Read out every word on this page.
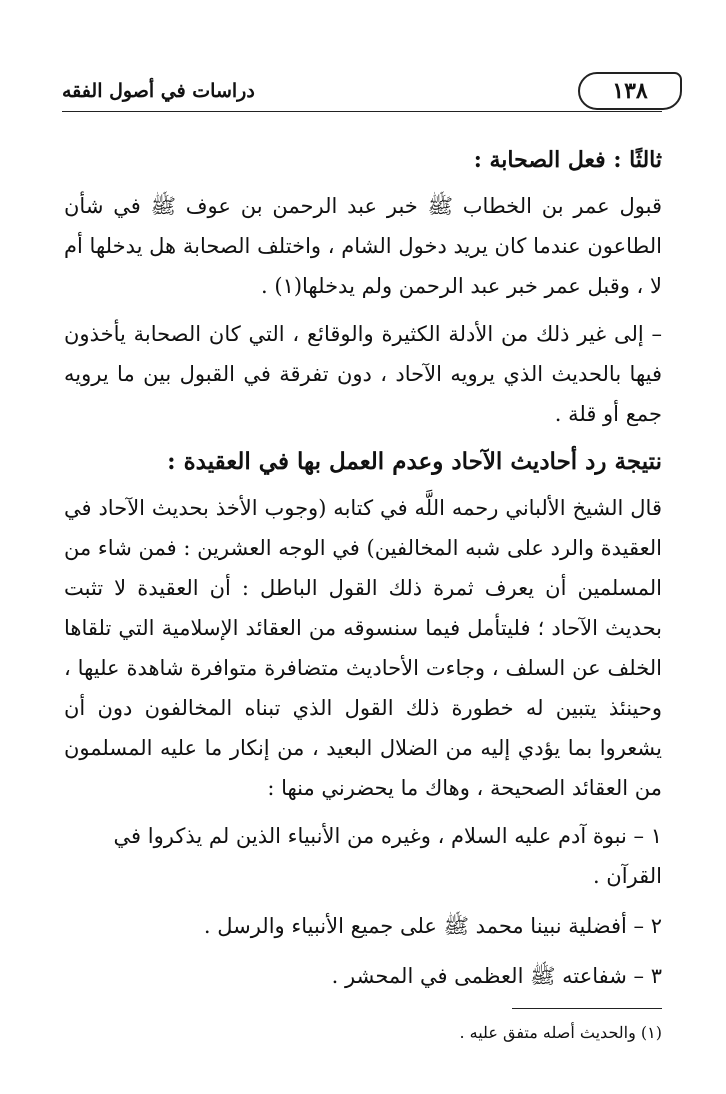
١٣٨
دراسات في أصول الفقه
ثالثًا : فعل الصحابة :

قبول عمر بن الخطاب ﷺ خبر عبد الرحمن بن عوف ﷺ في شأن الطاعون عندما كان يريد دخول الشام ، واختلف الصحابة هل يدخلها أم لا ، وقبل عمر خبر عبد الرحمن ولم يدخلها(١) .

– إلى غير ذلك من الأدلة الكثيرة والوقائع ، التي كان الصحابة يأخذون فيها بالحديث الذي يرويه الآحاد ، دون تفرقة في القبول بين ما يرويه جمع أو قلة .

نتيجة رد أحاديث الآحاد وعدم العمل بها في العقيدة :

قال الشيخ الألباني رحمه اللَّه في كتابه (وجوب الأخذ بحديث الآحاد في العقيدة والرد على شبه المخالفين) في الوجه العشرين : فمن شاء من المسلمين أن يعرف ثمرة ذلك القول الباطل : أن العقيدة لا تثبت بحديث الآحاد ؛ فليتأمل فيما سنسوقه من العقائد الإسلامية التي تلقاها الخلف عن السلف ، وجاءت الأحاديث متضافرة متوافرة شاهدة عليها ، وحينئذ يتبين له خطورة ذلك القول الذي تبناه المخالفون دون أن يشعروا بما يؤدي إليه من الضلال البعيد ، من إنكار ما عليه المسلمون من العقائد الصحيحة ، وهاك ما يحضرني منها :

١ – نبوة آدم عليه السلام ، وغيره من الأنبياء الذين لم يذكروا في القرآن .
٢ – أفضلية نبينا محمد ﷺ على جميع الأنبياء والرسل .
٣ – شفاعته ﷺ العظمى في المحشر .
(١) والحديث أصله متفق عليه .
